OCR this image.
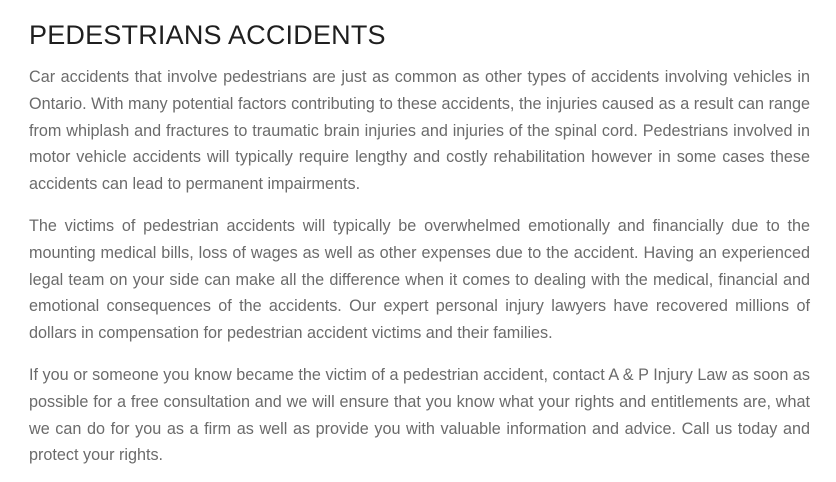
PEDESTRIANS ACCIDENTS

Car accidents that involve pedestrians are just as common as other types of accidents involving vehicles in Ontario. With many potential factors contributing to these accidents, the injuries caused as a result can range from whiplash and fractures to traumatic brain injuries and injuries of the spinal cord. Pedestrians involved in motor vehicle accidents will typically require lengthy and costly rehabilitation however in some cases these accidents can lead to permanent impairments.

The victims of pedestrian accidents will typically be overwhelmed emotionally and financially due to the mounting medical bills, loss of wages as well as other expenses due to the accident. Having an experienced legal team on your side can make all the difference when it comes to dealing with the medical, financial and emotional consequences of the accidents. Our expert personal injury lawyers have recovered millions of dollars in compensation for pedestrian accident victims and their families.

If you or someone you know became the victim of a pedestrian accident, contact A & P Injury Law as soon as possible for a free consultation and we will ensure that you know what your rights and entitlements are, what we can do for you as a firm as well as provide you with valuable information and advice. Call us today and protect your rights.
